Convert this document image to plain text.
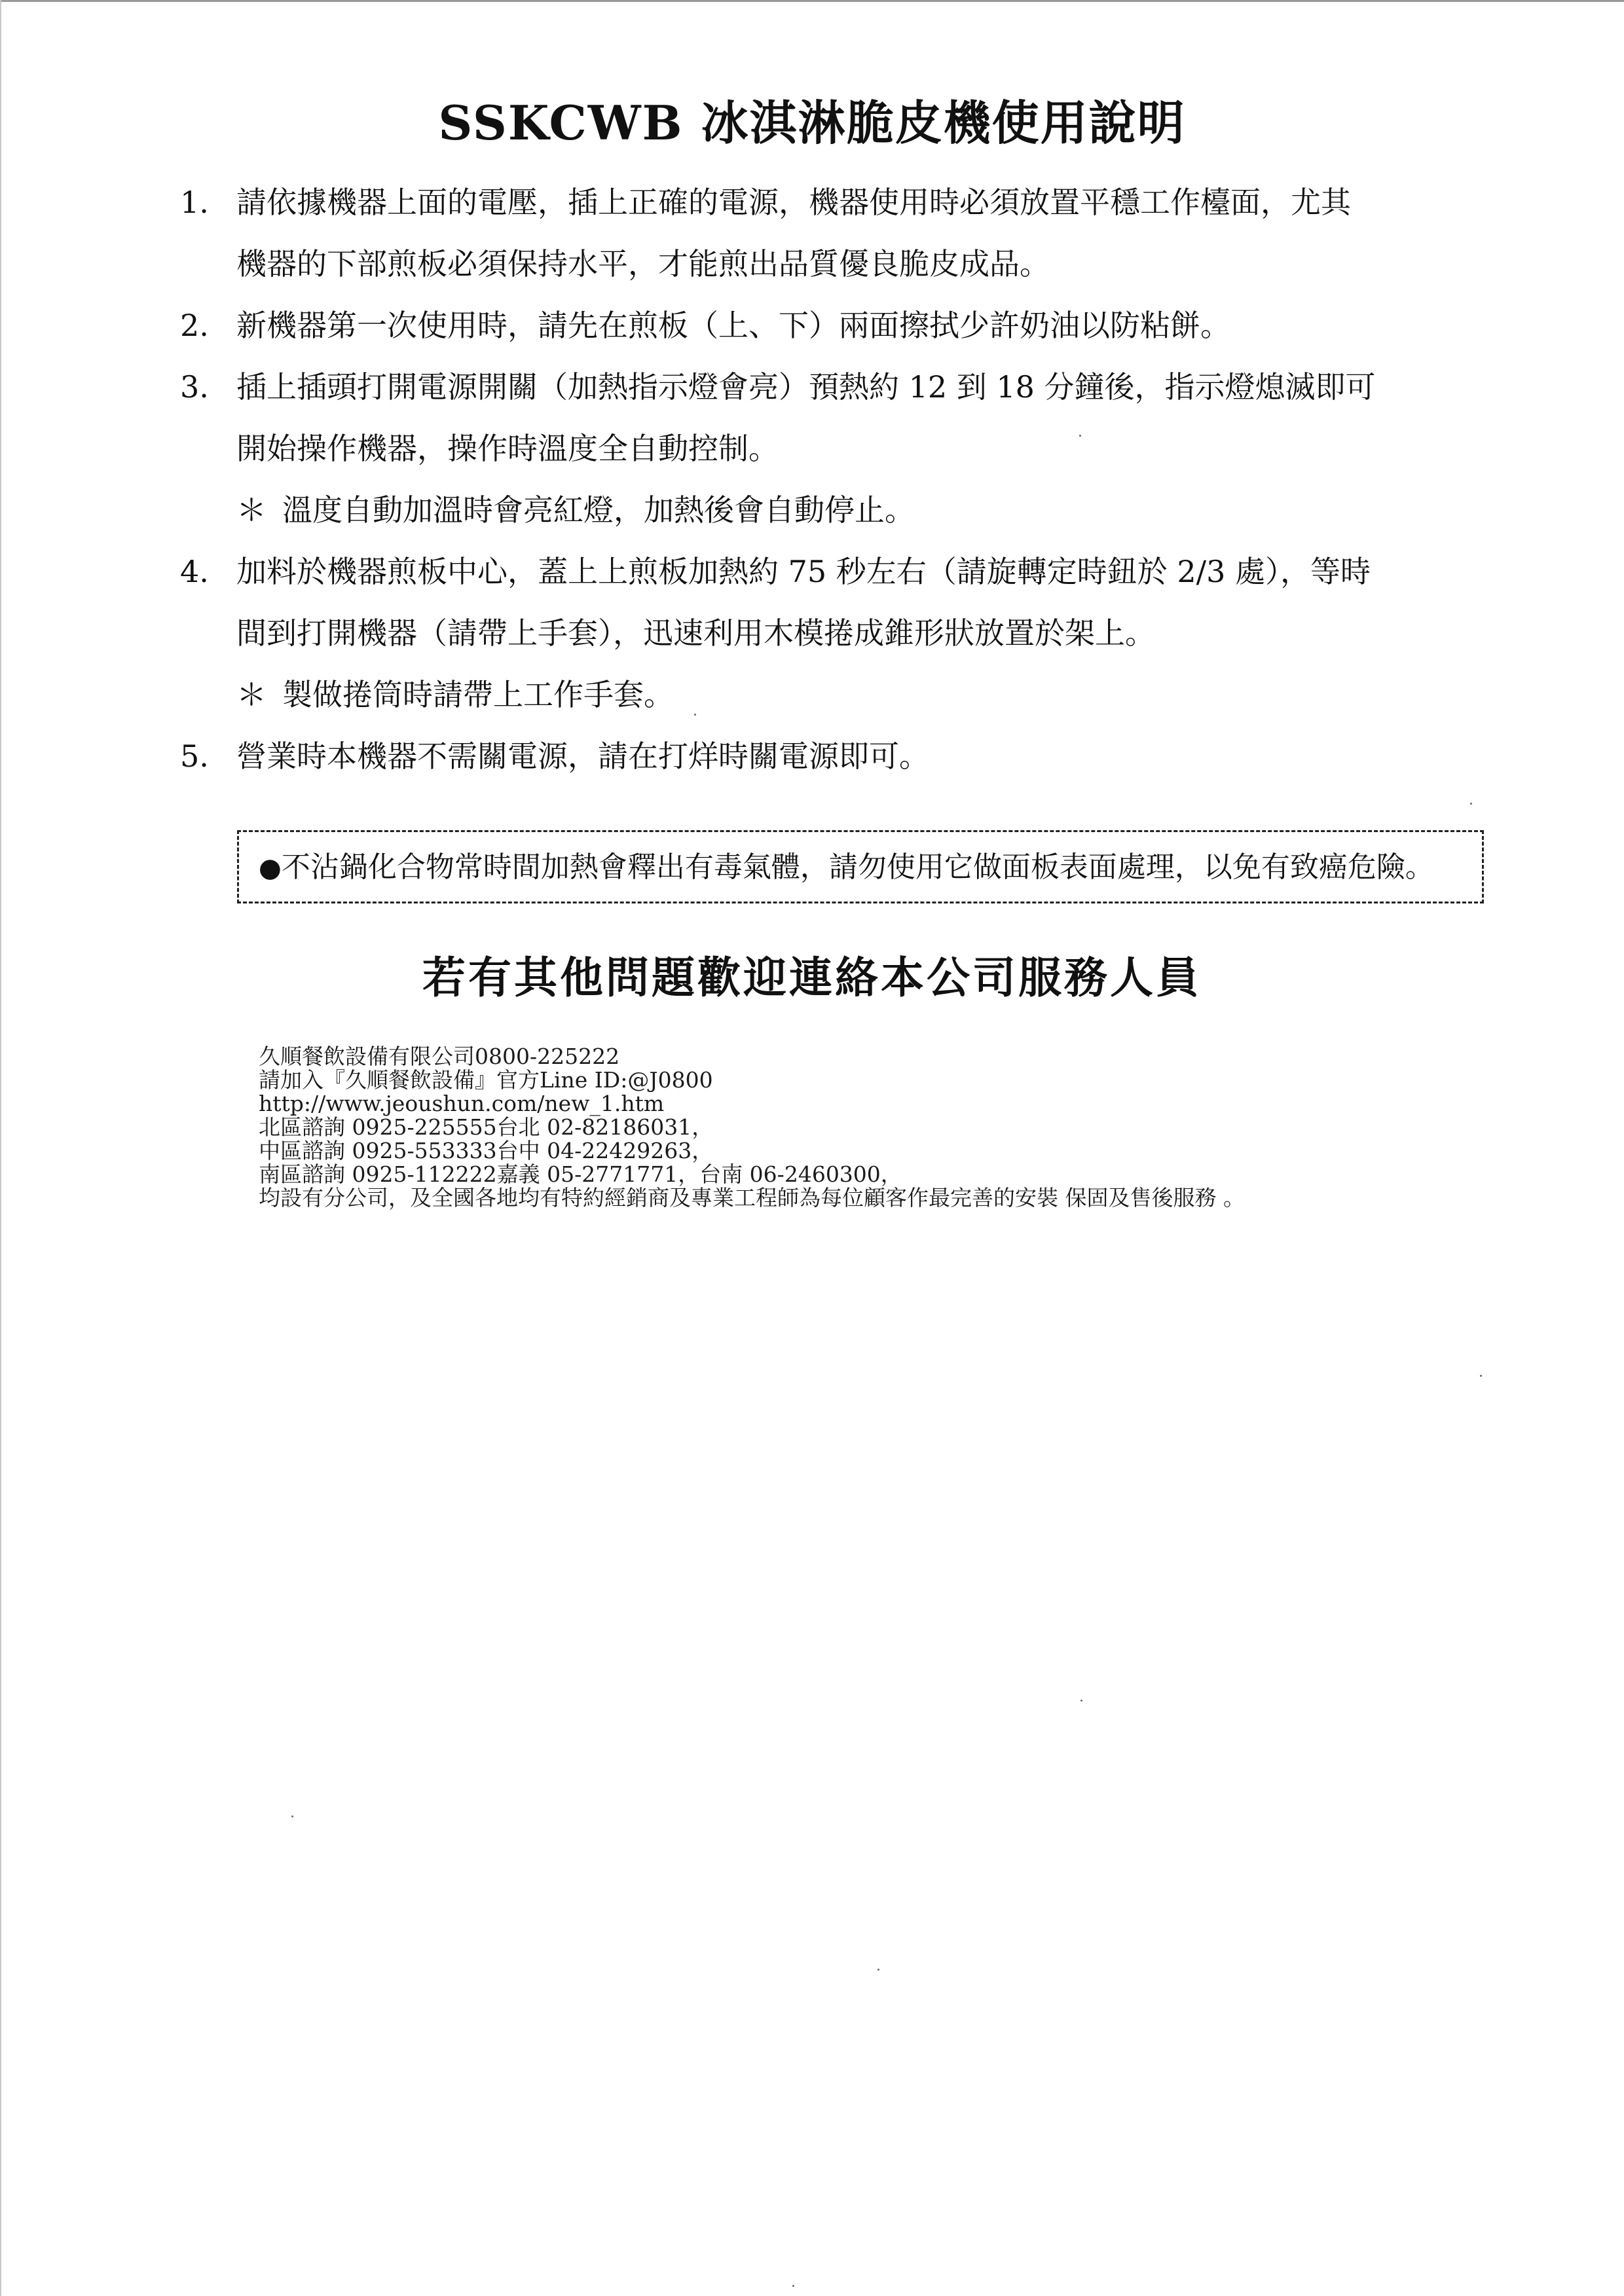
SSKCWB 冰淇淋脆皮機使用說明
1. 請依據機器上面的電壓，插上正確的電源，機器使用時必須放置平穩工作檯面，尤其
機器的下部煎板必須保持水平，才能煎出品質優良脆皮成品。
2. 新機器第一次使用時，請先在煎板（上、下）兩面擦拭少許奶油以防粘餅。
3. 插上插頭打開電源開關（加熱指示燈會亮）預熱約 12 到 18 分鐘後，指示燈熄滅即可
開始操作機器，操作時溫度全自動控制。
＊ 溫度自動加溫時會亮紅燈，加熱後會自動停止。
4. 加料於機器煎板中心，蓋上上煎板加熱約 75 秒左右（請旋轉定時鈕於 2/3 處），等時
間到打開機器（請帶上手套），迅速利用木模捲成錐形狀放置於架上。
＊ 製做捲筒時請帶上工作手套。
5. 營業時本機器不需關電源，請在打烊時關電源即可。
●不沾鍋化合物常時間加熱會釋出有毒氣體，請勿使用它做面板表面處理，以免有致癌危險。
若有其他問題歡迎連絡本公司服務人員
久順餐飲設備有限公司0800-225222
請加入『久順餐飲設備』官方Line ID:@J0800
http://www.jeoushun.com/new_1.htm
北區諮詢 0925-225555台北 02-82186031，
中區諮詢 0925-553333台中 04-22429263，
南區諮詢 0925-112222嘉義 05-2771771，台南 06-2460300，
均設有分公司，及全國各地均有特約經銷商及專業工程師為每位顧客作最完善的安裝 保固及售後服務 。
